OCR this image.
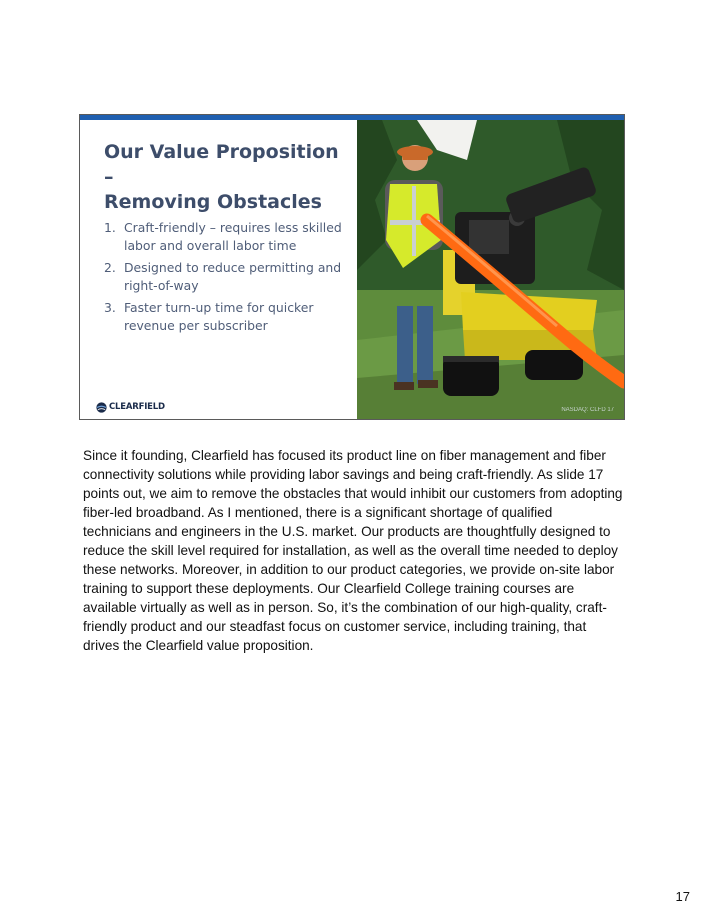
Our Value Proposition –
Removing Obstacles
1. Craft-friendly – requires less skilled labor and overall labor time
2. Designed to reduce permitting and right-of-way
3. Faster turn-up time for quicker revenue per subscriber
CLEARFIELD	NASDAQ: CLFD 17

Since it founding, Clearfield has focused its product line on fiber management and fiber connectivity solutions while providing labor savings and being craft-friendly. As slide 17 points out, we aim to remove the obstacles that would inhibit our customers from adopting fiber-led broadband. As I mentioned, there is a significant shortage of qualified technicians and engineers in the U.S. market. Our products are thoughtfully designed to reduce the skill level required for installation, as well as the overall time needed to deploy these networks. Moreover, in addition to our product categories, we provide on-site labor training to support these deployments. Our Clearfield College training courses are available virtually as well as in person. So, it’s the combination of our high-quality, craft-friendly product and our steadfast focus on customer service, including training, that drives the Clearfield value proposition.

17
